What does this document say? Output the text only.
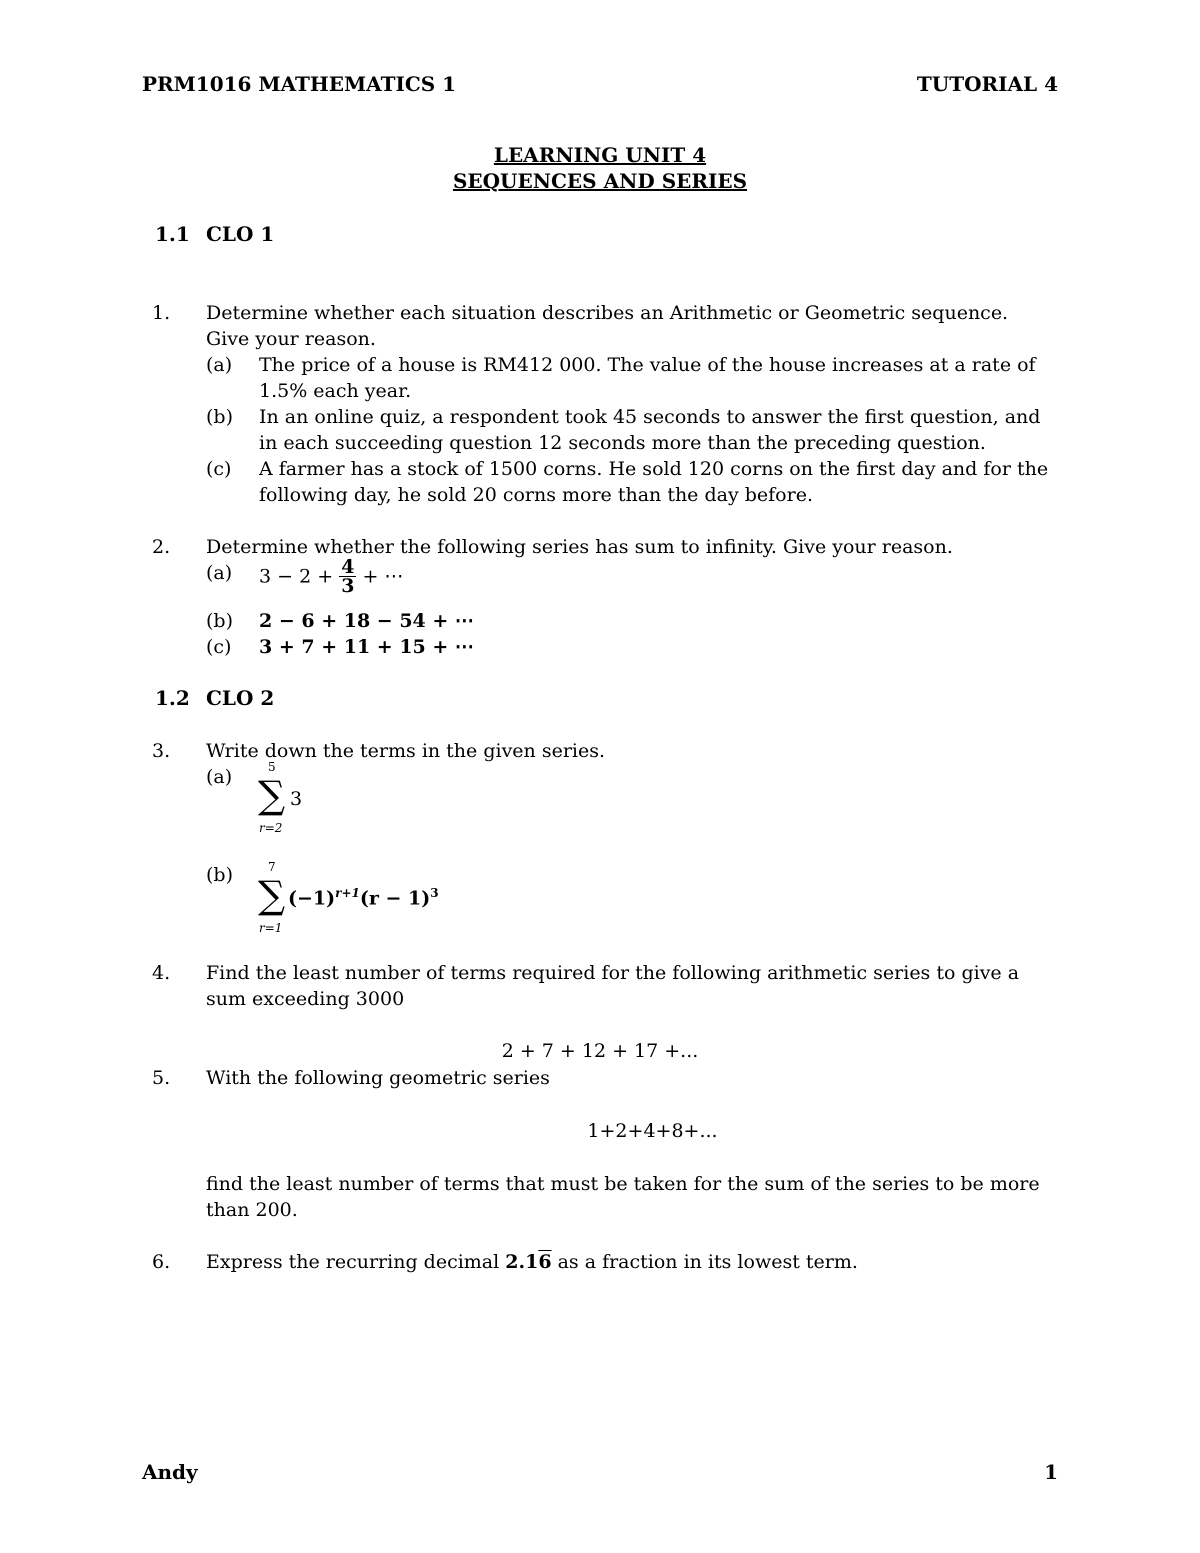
PRM1016 MATHEMATICS 1	TUTORIAL 4
LEARNING UNIT 4
SEQUENCES AND SERIES
1.1 CLO 1
1. Determine whether each situation describes an Arithmetic or Geometric sequence.
Give your reason.
(a) The price of a house is RM412 000. The value of the house increases at a rate of
1.5% each year.
(b) In an online quiz, a respondent took 45 seconds to answer the first question, and
in each succeeding question 12 seconds more than the preceding question.
(c) A farmer has a stock of 1500 corns. He sold 120 corns on the first day and for the
following day, he sold 20 corns more than the day before.
2. Determine whether the following series has sum to infinity. Give your reason.
(a) $3 - 2 + \frac{4}{3}$ + ⋯
(b) 2 − 6 + 18 − 54 + ⋯
(c) 3 + 7 + 11 + 15 + ⋯
1.2 CLO 2
3. Write down the terms in the given series.
(a)	5
∑
r=2
3
(b)	7
∑
r=1
$(-1)^{r+1}(r - 1)^3$
4. Find the least number of terms required for the following arithmetic series to give a
sum exceeding 3000
2 + 7 + 12 + 17 +...
5. With the following geometric series
1+2+4+8+...
find the least number of terms that must be taken for the sum of the series to be more
than 200.
6. Express the recurring decimal 2.16 as a fraction in its lowest term.
Andy	1
